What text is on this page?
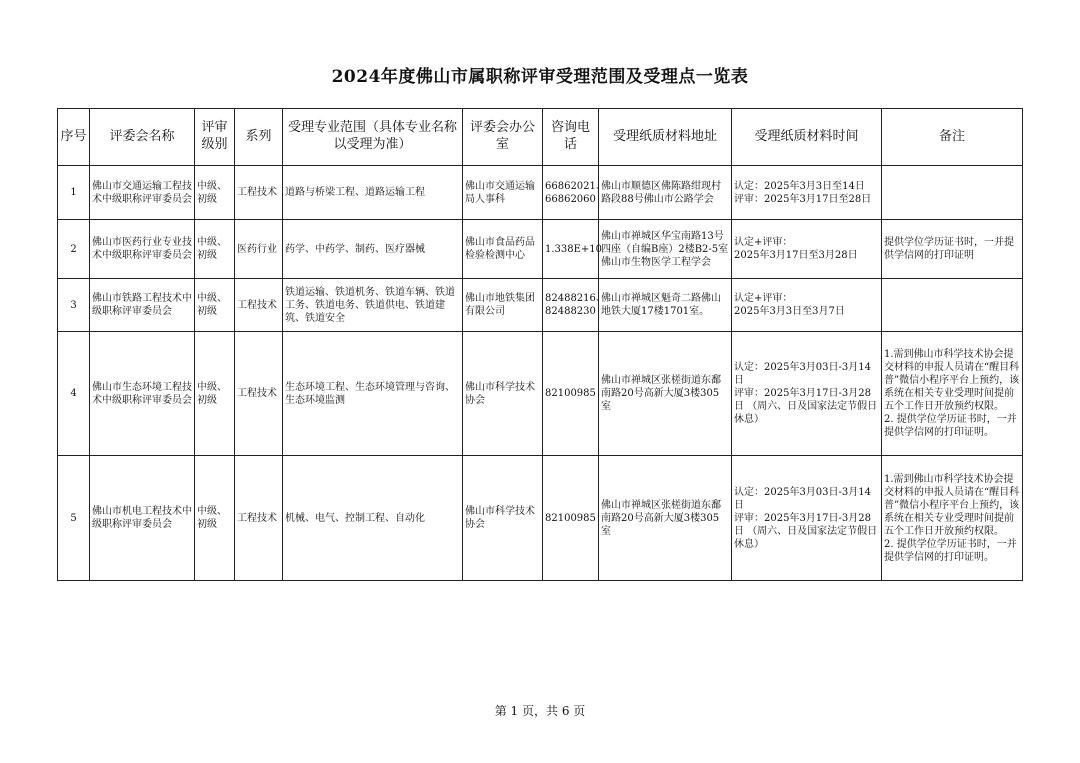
2024年度佛山市属职称评审受理范围及受理点一览表
序号	评委会名称	评审级别	系列	受理专业范围（具体专业名称以受理为准）	评委会办公室	咨询电话	受理纸质材料地址	受理纸质材料时间	备注
1	佛山市交通运输工程技术中级职称评审委员会	中级、初级	工程技术	道路与桥梁工程、道路运输工程	佛山市交通运输局人事科	66862021、66862060	佛山市顺德区佛陈路绀现村路段88号佛山市公路学会	认定：2025年3月3日至14日
评审：2025年3月17日至28日	

2	佛山市医药行业专业技术中级职称评审委员会	中级、初级	医药行业	药学、中药学、制药、医疗器械	佛山市食品药品检验检测中心	1.338E+10	佛山市禅城区华宝南路13号四座（自编B座）2楼B2-5室 佛山市生物医学工程学会	认定+评审：
2025年3月17日至3月28日	提供学位学历证书时，一并提供学信网的打印证明

3	佛山市铁路工程技术中级职称评审委员会	中级、初级	工程技术	铁道运输、铁道机务、铁道车辆、铁道工务、铁道电务、铁道供电、铁道建筑、铁道安全	佛山市地铁集团有限公司	82488216、82488230	佛山市禅城区魁奇二路佛山地铁大厦17楼1701室。	认定+评审：
2025年3月3日至3月7日	

4	佛山市生态环境工程技术中级职称评审委员会	中级、初级	工程技术	生态环境工程、生态环境管理与咨询、生态环境监测	佛山市科学技术协会	82100985	佛山市禅城区张槎街道东鄱南路20号高新大厦3楼305室	认定：2025年3月03日-3月14日
评审：2025年3月17日-3月28日 （周六、日及国家法定节假日休息）	1.需到佛山市科学技术协会提交材料的申报人员请在“醒目科普”微信小程序平台上预约，该系统在相关专业受理时间提前五个工作日开放预约权限。
2. 提供学位学历证书时，一并提供学信网的打印证明。

5	佛山市机电工程技术中级职称评审委员会	中级、初级	工程技术	机械、电气、控制工程、自动化	佛山市科学技术协会	82100985	佛山市禅城区张槎街道东鄱南路20号高新大厦3楼305室	认定：2025年3月03日-3月14日
评审：2025年3月17日-3月28日 （周六、日及国家法定节假日休息）	1.需到佛山市科学技术协会提交材料的申报人员请在“醒目科普”微信小程序平台上预约，该系统在相关专业受理时间提前五个工作日开放预约权限。
2. 提供学位学历证书时，一并提供学信网的打印证明。
第 1 页，共 6 页
